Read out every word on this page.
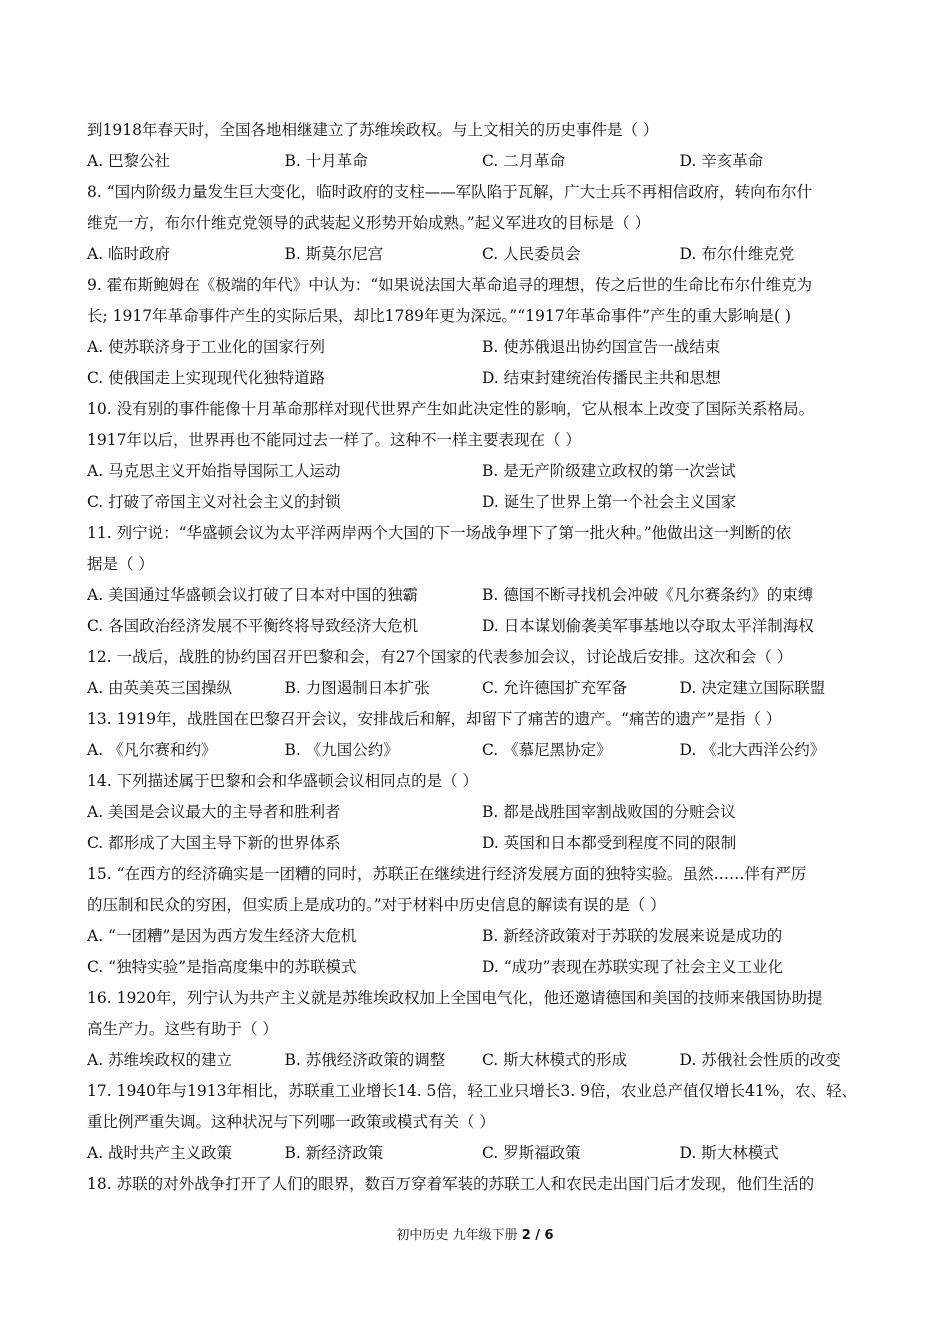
到1918年春天时，全国各地相继建立了苏维埃政权。与上文相关的历史事件是（ ）
A. 巴黎公社	B. 十月革命	C. 二月革命	D. 辛亥革命
8. “国内阶级力量发生巨大变化，临时政府的支柱——军队陷于瓦解，广大士兵不再相信政府，转向布尔什
维克一方，布尔什维克党领导的武装起义形势开始成熟。”起义军进攻的目标是（ ）
A. 临时政府	B. 斯莫尔尼宫	C. 人民委员会	D. 布尔什维克党
9. 霍布斯鲍姆在《极端的年代》中认为：“如果说法国大革命追寻的理想，传之后世的生命比布尔什维克为
长; 1917年革命事件产生的实际后果，却比1789年更为深远。”“1917年革命事件”产生的重大影响是( )
A. 使苏联济身于工业化的国家行列	B. 使苏俄退出协约国宣告一战结束
C. 使俄国走上实现现代化独特道路	D. 结束封建统治传播民主共和思想
10. 没有别的事件能像十月革命那样对现代世界产生如此决定性的影响，它从根本上改变了国际关系格局。
1917年以后，世界再也不能同过去一样了。这种不一样主要表现在（ ）
A. 马克思主义开始指导国际工人运动	B. 是无产阶级建立政权的第一次尝试
C. 打破了帝国主义对社会主义的封锁	D. 诞生了世界上第一个社会主义国家
11. 列宁说：“华盛顿会议为太平洋两岸两个大国的下一场战争埋下了第一批火种。”他做出这一判断的依
据是（ ）
A. 美国通过华盛顿会议打破了日本对中国的独霸	B. 德国不断寻找机会冲破《凡尔赛条约》的束缚
C. 各国政治经济发展不平衡终将导致经济大危机	D. 日本谋划偷袭美军事基地以夺取太平洋制海权
12. 一战后，战胜的协约国召开巴黎和会，有27个国家的代表参加会议，讨论战后安排。这次和会（ ）
A. 由英美英三国操纵	B. 力图遏制日本扩张	C. 允许德国扩充军备	D. 决定建立国际联盟
13. 1919年，战胜国在巴黎召开会议，安排战后和解，却留下了痛苦的遗产。“痛苦的遗产”是指（ ）
A. 《凡尔赛和约》	B. 《九国公约》	C. 《慕尼黑协定》	D. 《北大西洋公约》
14. 下列描述属于巴黎和会和华盛顿会议相同点的是（ ）
A. 美国是会议最大的主导者和胜利者	B. 都是战胜国宰割战败国的分赃会议
C. 都形成了大国主导下新的世界体系	D. 英国和日本都受到程度不同的限制
15. “在西方的经济确实是一团糟的同时，苏联正在继续进行经济发展方面的独特实验。虽然……伴有严厉
的压制和民众的穷困，但实质上是成功的。”对于材料中历史信息的解读有误的是（ ）
A. “一团糟”是因为西方发生经济大危机	B. 新经济政策对于苏联的发展来说是成功的
C. “独特实验”是指高度集中的苏联模式	D. “成功”表现在苏联实现了社会主义工业化
16. 1920年，列宁认为共产主义就是苏维埃政权加上全国电气化，他还邀请德国和美国的技师来俄国协助提
高生产力。这些有助于（ ）
A. 苏维埃政权的建立	B. 苏俄经济政策的调整	C. 斯大林模式的形成	D. 苏俄社会性质的改变
17. 1940年与1913年相比，苏联重工业增长14. 5倍，轻工业只增长3. 9倍，农业总产值仅增长41%，农、轻、
重比例严重失调。这种状况与下列哪一政策或模式有关（ ）
A. 战时共产主义政策	B. 新经济政策	C. 罗斯福政策	D. 斯大林模式
18. 苏联的对外战争打开了人们的眼界，数百万穿着军装的苏联工人和农民走出国门后才发现，他们生活的
初中历史 九年级下册 2 / 6
